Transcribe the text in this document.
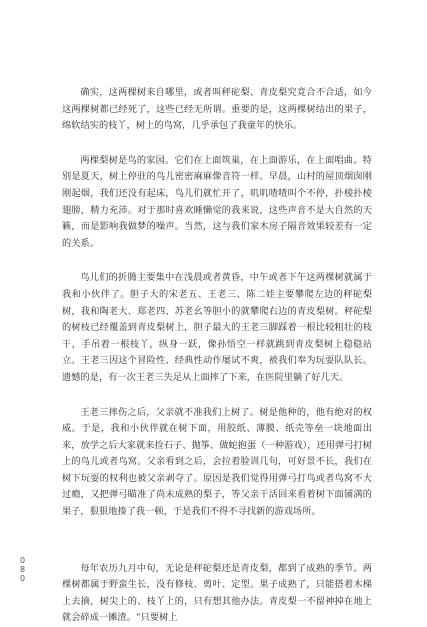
确实，这两棵树来自哪里，或者叫秤砣梨、青皮梨究竟合不合适，如今这两棵树都已经死了，这些已经无所谓。重要的是，这两棵树结出的果子，绵软结实的枝丫，树上的鸟窝，几乎承包了我童年的快乐。

两棵梨树是鸟的家园。它们在上面筑巢，在上面游乐，在上面唱曲。特别是夏天，树上停驻的鸟儿密密麻麻像音符一样。早晨，山村的屋顶烟囱刚刚起烟，我们还没有起床，鸟儿们就忙开了，叽叽喳喳叫个不停，扑棱扑棱翅膀，精力充沛。对于那时喜欢睡懒觉的我来说，这些声音不是大自然的天籁，而是影响我做梦的噪声。当然，这与我们家木房子隔音效果较差有一定的关系。

鸟儿们的折腾主要集中在浅晨或者黄昏，中午或者下午这两棵树就属于我和小伙伴了。胆子大的宋老五、王老三、陈二娃主要攀爬左边的秤砣梨树，我和陶老大、郑老四、苏老幺等胆小的就攀爬右边的青皮梨树。秤砣梨的树枝已经覆盖到青皮梨树上，胆子最大的王老三脚踩着一根比较粗壮的枝干，手吊着一根枝丫，纵身一跃，像孙悟空一样就跳到青皮梨树上稳稳站立。王老三因这个冒险性、经典性动作屡试不爽，被我们奉为玩耍队队长。遗憾的是，有一次王老三失足从上面摔了下来，在医院里躺了好几天。

王老三摔伤之后，父亲就不准我们上树了。树是他种的，他有绝对的权威。于是，我和小伙伴就在树下面，用胶纸、薄膜、纸壳等垒一块地面出来，放学之后大家就来捡石子、抛筝、做蛇抱蛋（一种游戏），还用弹弓打树上的鸟儿或者鸟窝。父亲看到之后，会拉着脸训几句，可好景不长，我们在树下玩耍的权利也被父亲剥夺了。原因是我们觉得用弹弓打鸟或者鸟窝不大过瘾，又把弹弓瞄准了尚未成熟的梨子，等父亲干活回来看着树下面铺满的果子，狠狠地揍了我一顿，于是我们不得不寻找新的游戏场所。

每年农历九月中旬，无论是秤砣梨还是青皮梨，都到了成熟的季节。两棵树都属于野蛮生长，没有修枝、剪叶、定型。果子成熟了，只能搭着木梯上去摘，树尖上的、枝丫上的，只有想其他办法。青皮梨一不留神掉在地上就会碎成一摊渣。“只要树上

080
